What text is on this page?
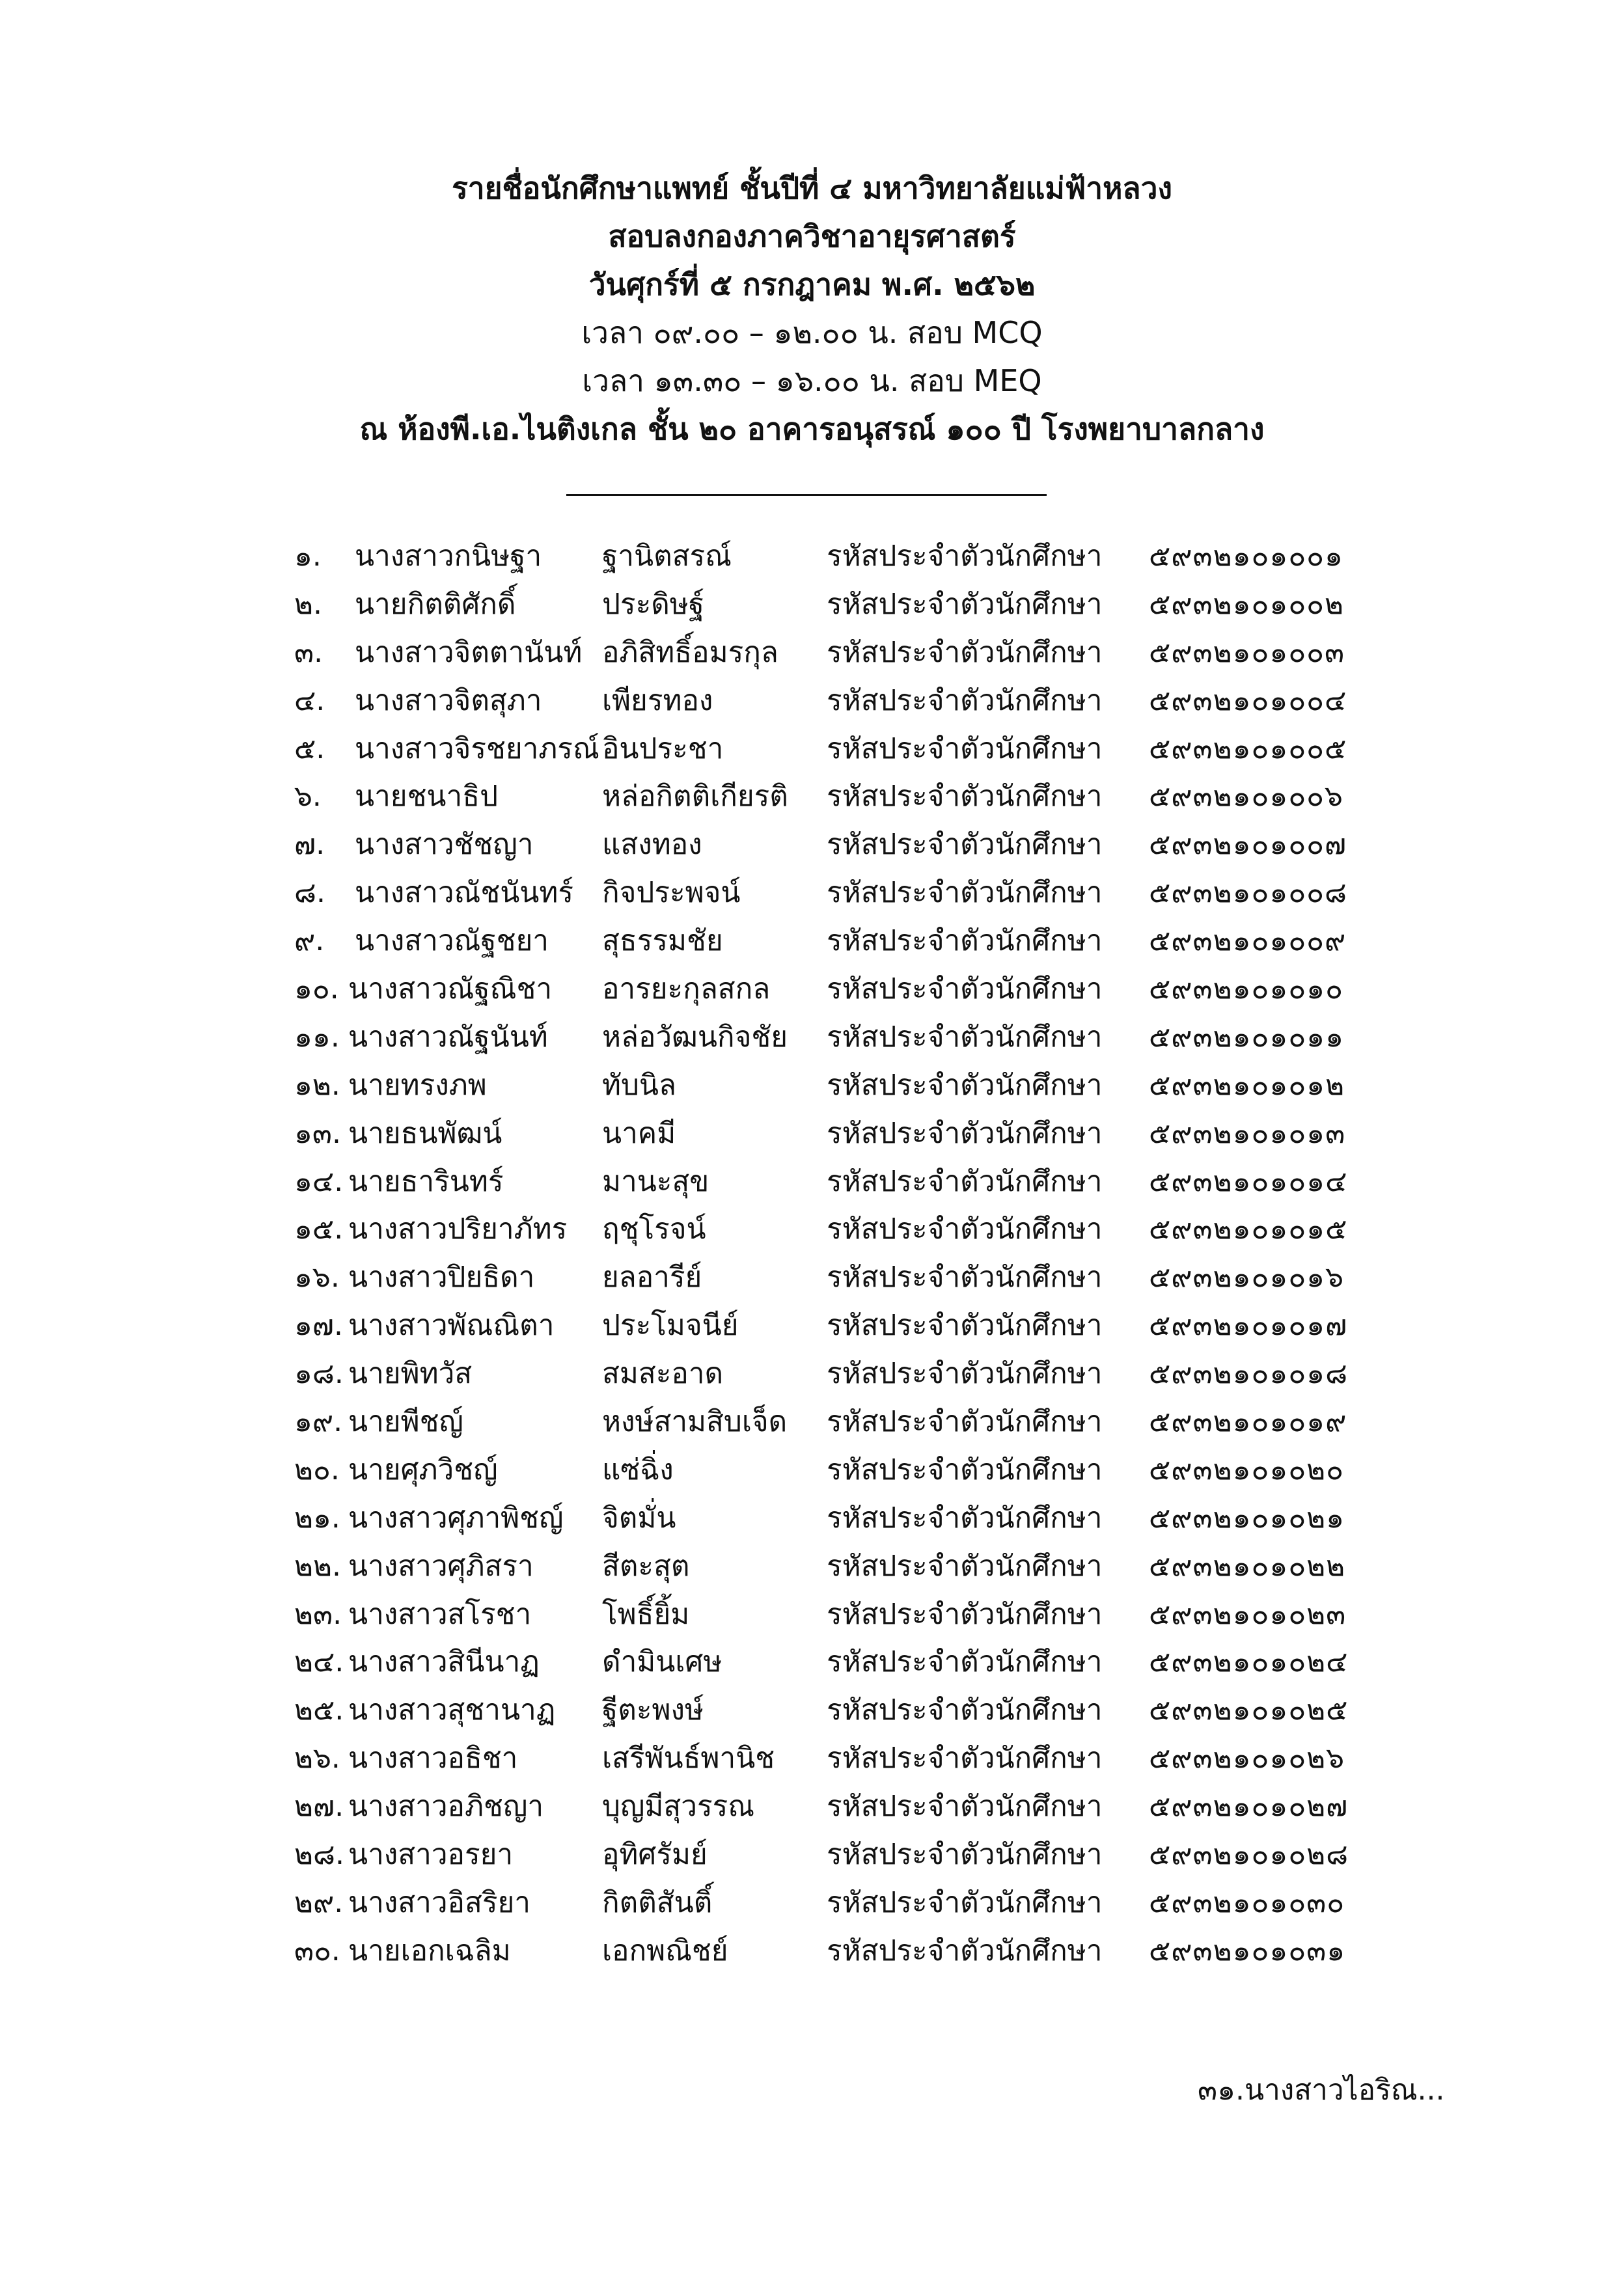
รายชื่อนักศึกษาแพทย์ ชั้นปีที่ ๔ มหาวิทยาลัยแม่ฟ้าหลวง
สอบลงกองภาควิชาอายุรศาสตร์
วันศุกร์ที่ ๕ กรกฎาคม พ.ศ. ๒๕๖๒
เวลา ๐๙.๐๐ – ๑๒.๐๐ น. สอบ MCQ
เวลา ๑๓.๓๐ – ๑๖.๐๐ น. สอบ MEQ
ณ ห้องพี.เอ.ไนติงเกล ชั้น ๒๐ อาคารอนุสรณ์ ๑๐๐ ปี โรงพยาบาลกลาง
๑. นางสาวกนิษฐา ฐานิตสรณ์	รหัสประจำตัวนักศึกษา ๕๙๓๒๑๐๑๐๐๑
๒. นายกิตติศักดิ์	ประดิษฐ์	รหัสประจำตัวนักศึกษา ๕๙๓๒๑๐๑๐๐๒
๓. นางสาวจิตตานันท์ อภิสิทธิ์อมรกุล รหัสประจำตัวนักศึกษา ๕๙๓๒๑๐๑๐๐๓
๔. นางสาวจิตสุภา เพียรทอง	รหัสประจำตัวนักศึกษา ๕๙๓๒๑๐๑๐๐๔
๕. นางสาวจิรชยาภรณ์ อินประชา	รหัสประจำตัวนักศึกษา ๕๙๓๒๑๐๑๐๐๕
๖. นายชนาธิป	หล่อกิตติเกียรติ รหัสประจำตัวนักศึกษา ๕๙๓๒๑๐๑๐๐๖
๗. นางสาวชัชญา แสงทอง	รหัสประจำตัวนักศึกษา ๕๙๓๒๑๐๑๐๐๗
๘. นางสาวณัชนันทร์ กิจประพจน์	รหัสประจำตัวนักศึกษา ๕๙๓๒๑๐๑๐๐๘
๙. นางสาวณัฐชยา สุธรรมชัย	รหัสประจำตัวนักศึกษา ๕๙๓๒๑๐๑๐๐๙
๑๐. นางสาวณัฐณิชา อารยะกุลสกล รหัสประจำตัวนักศึกษา ๕๙๓๒๑๐๑๐๑๐
๑๑. นางสาวณัฐนันท์ หล่อวัฒนกิจชัย รหัสประจำตัวนักศึกษา ๕๙๓๒๑๐๑๐๑๑
๑๒. นายทรงภพ	ทับนิล	รหัสประจำตัวนักศึกษา ๕๙๓๒๑๐๑๐๑๒
๑๓. นายธนพัฒน์	นาคมี	รหัสประจำตัวนักศึกษา ๕๙๓๒๑๐๑๐๑๓
๑๔. นายธารินทร์	มานะสุข	รหัสประจำตัวนักศึกษา ๕๙๓๒๑๐๑๐๑๔
๑๕. นางสาวปริยาภัทร ฤชุโรจน์	รหัสประจำตัวนักศึกษา ๕๙๓๒๑๐๑๐๑๕
๑๖. นางสาวปิยธิดา ยลอารีย์	รหัสประจำตัวนักศึกษา ๕๙๓๒๑๐๑๐๑๖
๑๗. นางสาวพัณณิตา ประโมจนีย์	รหัสประจำตัวนักศึกษา ๕๙๓๒๑๐๑๐๑๗
๑๘. นายพิทวัส	สมสะอาด	รหัสประจำตัวนักศึกษา ๕๙๓๒๑๐๑๐๑๘
๑๙. นายพีชญ์	หงษ์สามสิบเจ็ด รหัสประจำตัวนักศึกษา ๕๙๓๒๑๐๑๐๑๙
๒๐. นายศุภวิชญ์	แซ่ฉิ่ง	รหัสประจำตัวนักศึกษา ๕๙๓๒๑๐๑๐๒๐
๒๑. นางสาวศุภาพิชญ์ จิตมั่น	รหัสประจำตัวนักศึกษา ๕๙๓๒๑๐๑๐๒๑
๒๒. นางสาวศุภิสรา สีตะสุต	รหัสประจำตัวนักศึกษา ๕๙๓๒๑๐๑๐๒๒
๒๓. นางสาวสโรชา โพธิ์ยิ้ม	รหัสประจำตัวนักศึกษา ๕๙๓๒๑๐๑๐๒๓
๒๔. นางสาวสินีนาฏ ดำมินเศษ	รหัสประจำตัวนักศึกษา ๕๙๓๒๑๐๑๐๒๔
๒๕. นางสาวสุชานาฏ ฐีตะพงษ์	รหัสประจำตัวนักศึกษา ๕๙๓๒๑๐๑๐๒๕
๒๖. นางสาวอธิชา	เสรีพันธ์พานิช รหัสประจำตัวนักศึกษา ๕๙๓๒๑๐๑๐๒๖
๒๗. นางสาวอภิชญา บุญมีสุวรรณ	รหัสประจำตัวนักศึกษา ๕๙๓๒๑๐๑๐๒๗
๒๘. นางสาวอรยา	อุทิศรัมย์	รหัสประจำตัวนักศึกษา ๕๙๓๒๑๐๑๐๒๘
๒๙. นางสาวอิสริยา	กิตติสันติ์	รหัสประจำตัวนักศึกษา ๕๙๓๒๑๐๑๐๓๐
๓๐. นายเอกเฉลิม	เอกพณิชย์	รหัสประจำตัวนักศึกษา ๕๙๓๒๑๐๑๐๓๑
๓๑.นางสาวไอริณ...
